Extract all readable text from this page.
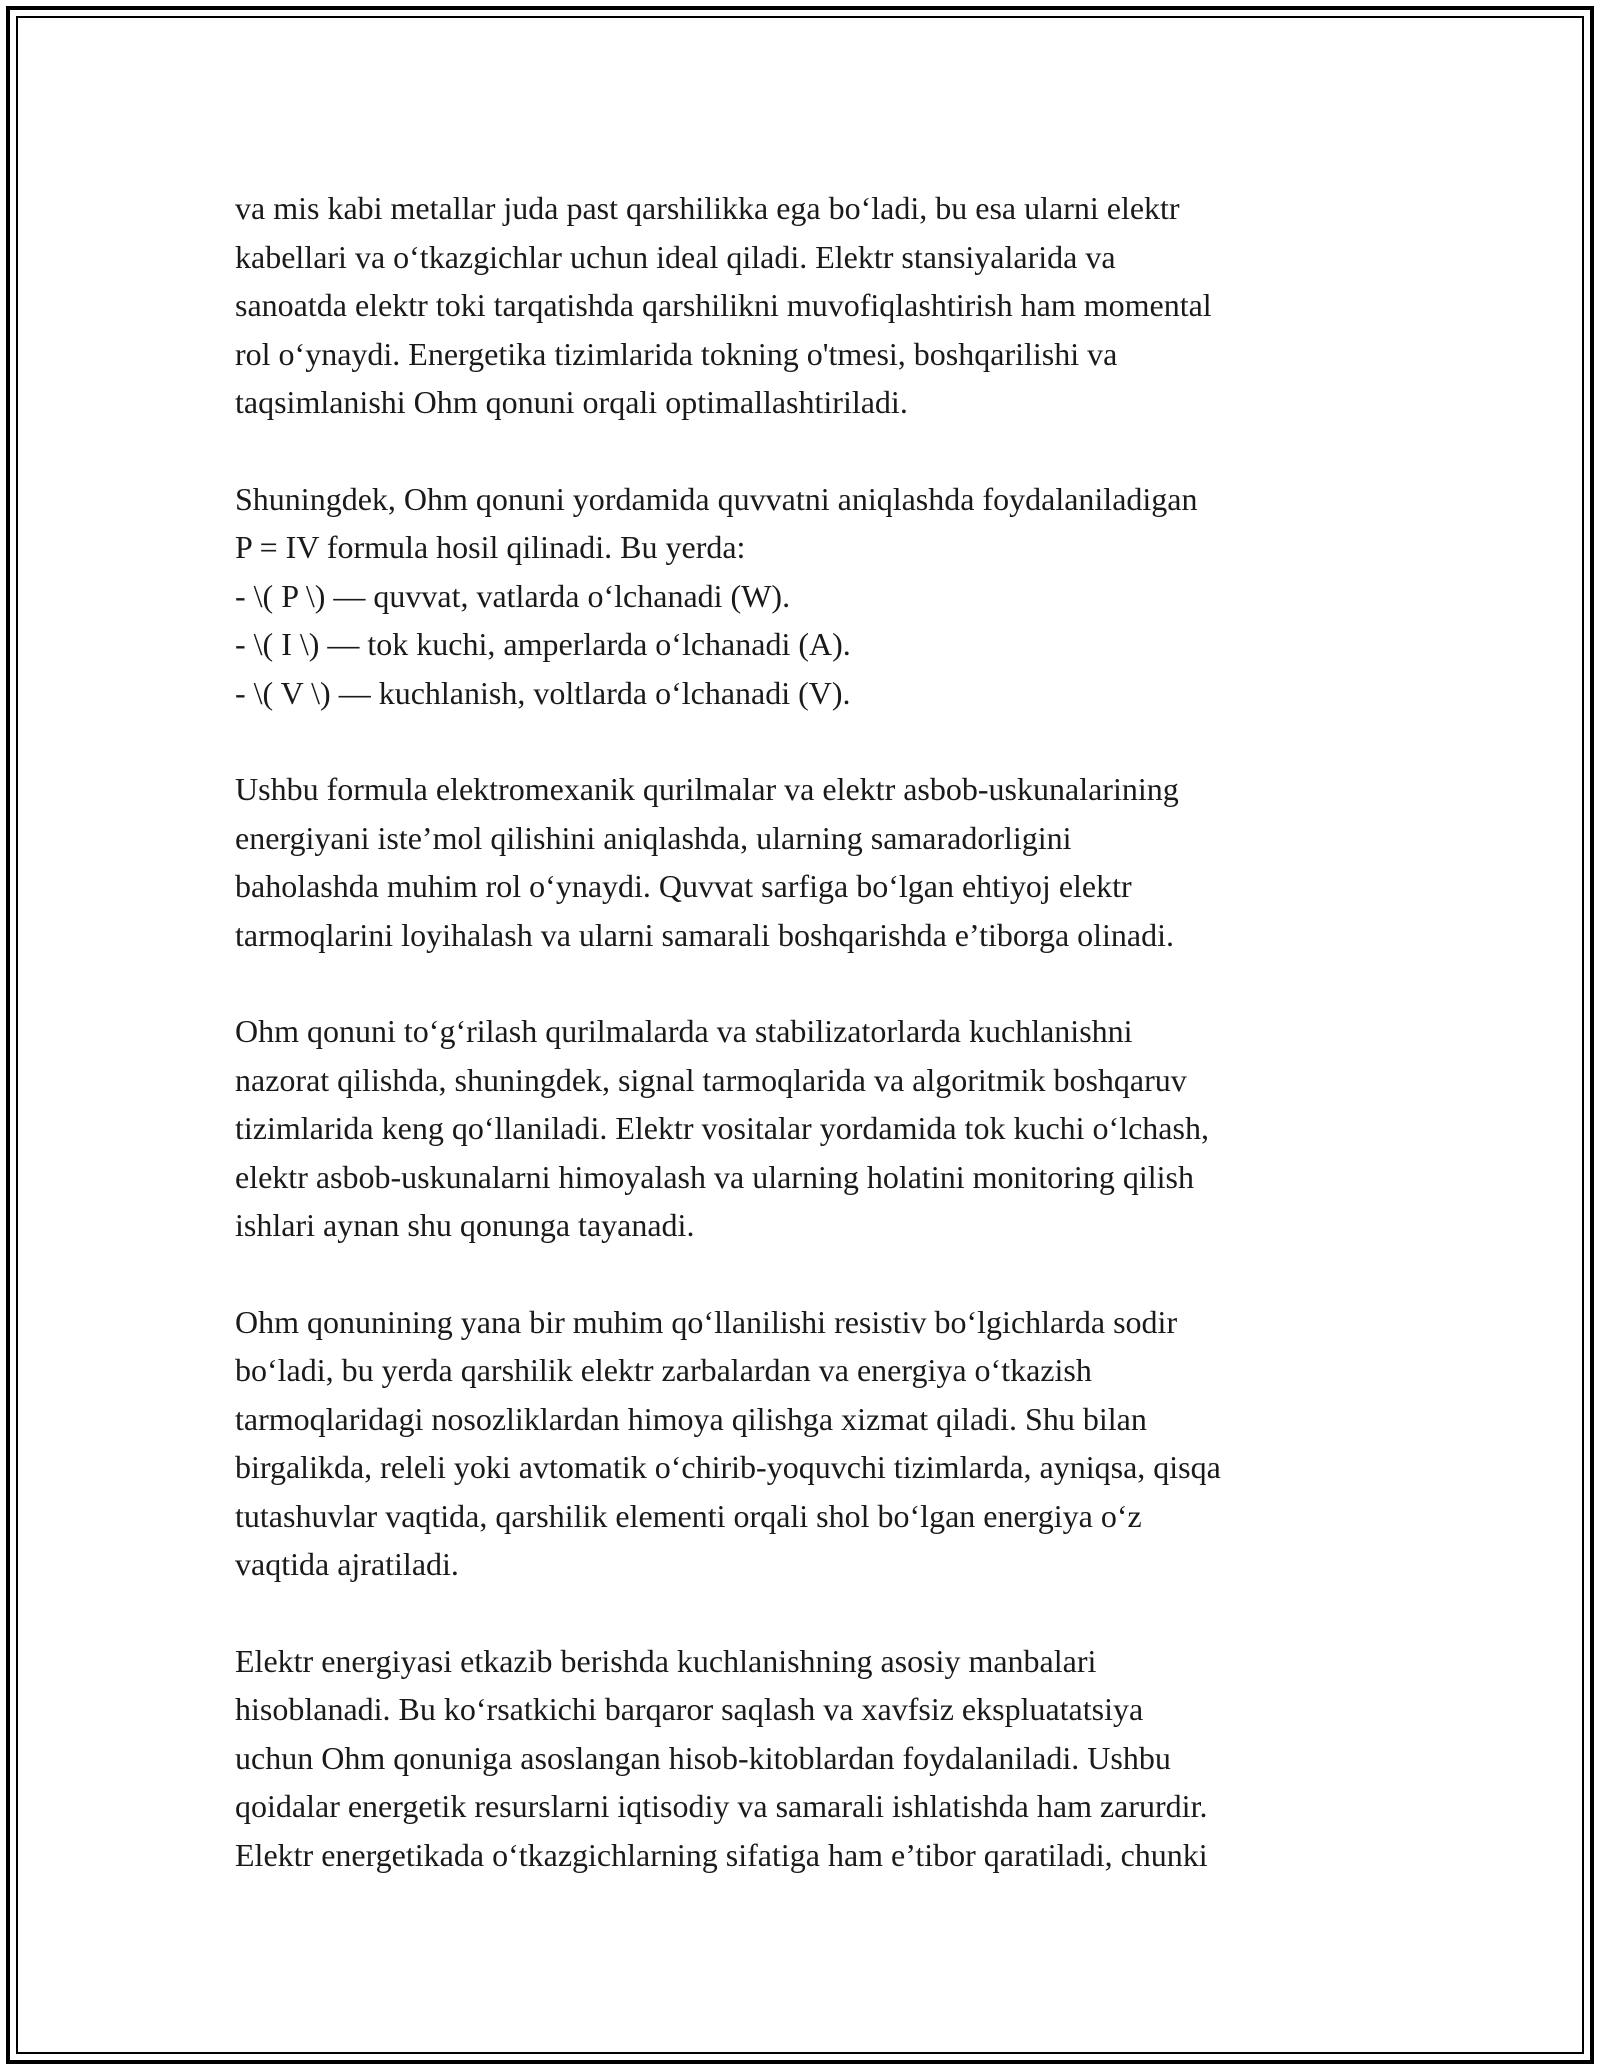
va mis kabi metallar juda past qarshilikka ega bo‘ladi, bu esa ularni elektr
kabellari va o‘tkazgichlar uchun ideal qiladi. Elektr stansiyalarida va
sanoatda elektr toki tarqatishda qarshilikni muvofiqlashtirish ham momental
rol o‘ynaydi. Energetika tizimlarida tokning o'tmesi, boshqarilishi va
taqsimlanishi Ohm qonuni orqali optimallashtiriladi.
Shuningdek, Ohm qonuni yordamida quvvatni aniqlashda foydalaniladigan
P = IV formula hosil qilinadi. Bu yerda:
- \( P \) — quvvat, vatlarda o‘lchanadi (W).
- \( I \) — tok kuchi, amperlarda o‘lchanadi (A).
- \( V \) — kuchlanish, voltlarda o‘lchanadi (V).
Ushbu formula elektromexanik qurilmalar va elektr asbob-uskunalarining
energiyani iste’mol qilishini aniqlashda, ularning samaradorligini
baholashda muhim rol o‘ynaydi. Quvvat sarfiga bo‘lgan ehtiyoj elektr
tarmoqlarini loyihalash va ularni samarali boshqarishda e’tiborga olinadi.
Ohm qonuni to‘g‘rilash qurilmalarda va stabilizatorlarda kuchlanishni
nazorat qilishda, shuningdek, signal tarmoqlarida va algoritmik boshqaruv
tizimlarida keng qo‘llaniladi. Elektr vositalar yordamida tok kuchi o‘lchash,
elektr asbob-uskunalarni himoyalash va ularning holatini monitoring qilish
ishlari aynan shu qonunga tayanadi.
Ohm qonunining yana bir muhim qo‘llanilishi resistiv bo‘lgichlarda sodir
bo‘ladi, bu yerda qarshilik elektr zarbalardan va energiya o‘tkazish
tarmoqlaridagi nosozliklardan himoya qilishga xizmat qiladi. Shu bilan
birgalikda, releli yoki avtomatik o‘chirib-yoquvchi tizimlarda, ayniqsa, qisqa
tutashuvlar vaqtida, qarshilik elementi orqali shol bo‘lgan energiya o‘z
vaqtida ajratiladi.
Elektr energiyasi etkazib berishda kuchlanishning asosiy manbalari
hisoblanadi. Bu ko‘rsatkichi barqaror saqlash va xavfsiz ekspluatatsiya
uchun Ohm qonuniga asoslangan hisob-kitoblardan foydalaniladi. Ushbu
qoidalar energetik resurslarni iqtisodiy va samarali ishlatishda ham zarurdir.
Elektr energetikada o‘tkazgichlarning sifatiga ham e’tibor qaratiladi, chunki
